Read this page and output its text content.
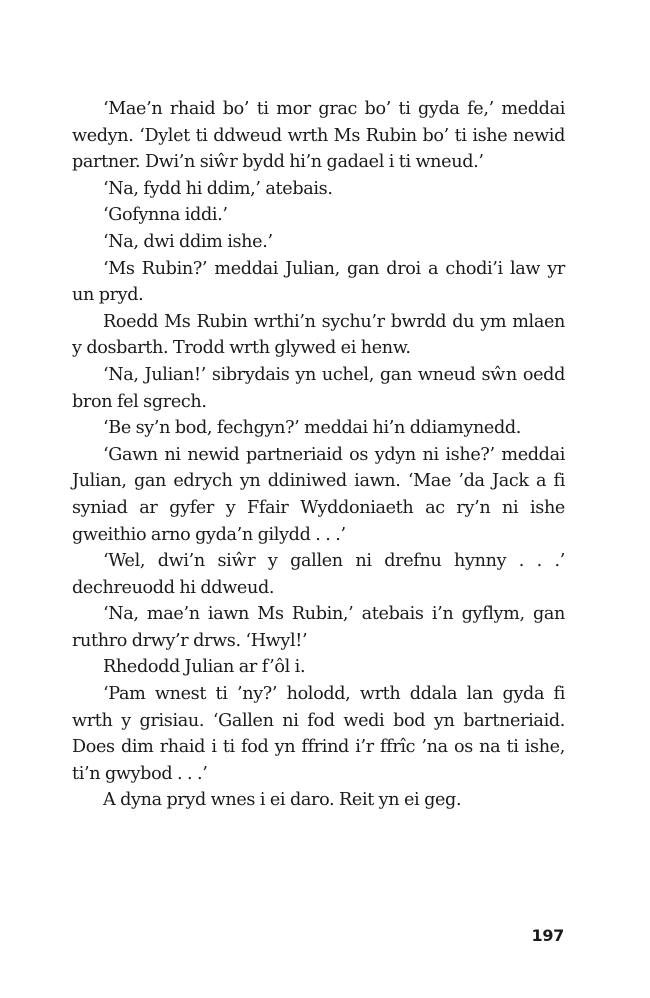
‘Mae’n rhaid bo’ ti mor grac bo’ ti gyda fe,’ meddai wedyn. ‘Dylet ti ddweud wrth Ms Rubin bo’ ti ishe newid partner. Dwi’n siŵr bydd hi’n gadael i ti wneud.’

‘Na, fydd hi ddim,’ atebais.

‘Gofynna iddi.’

‘Na, dwi ddim ishe.’

‘Ms Rubin?’ meddai Julian, gan droi a chodi’i law yr un pryd.

Roedd Ms Rubin wrthi’n sychu’r bwrdd du ym mlaen y dosbarth. Trodd wrth glywed ei henw.

‘Na, Julian!’ sibrydais yn uchel, gan wneud sŵn oedd bron fel sgrech.

‘Be sy’n bod, fechgyn?’ meddai hi’n ddiamynedd.

‘Gawn ni newid partneriaid os ydyn ni ishe?’ meddai Julian, gan edrych yn ddiniwed iawn. ‘Mae ’da Jack a fi syniad ar gyfer y Ffair Wyddoniaeth ac ry’n ni ishe gweithio arno gyda’n gilydd . . .’

‘Wel, dwi’n siŵr y gallen ni drefnu hynny . . .’ dechreuodd hi ddweud.

‘Na, mae’n iawn Ms Rubin,’ atebais i’n gyflym, gan ruthro drwy’r drws. ‘Hwyl!’

Rhedodd Julian ar f’ôl i.

‘Pam wnest ti ’ny?’ holodd, wrth ddala lan gyda fi wrth y grisiau. ‘Gallen ni fod wedi bod yn bartneriaid. Does dim rhaid i ti fod yn ffrind i’r ffrîc ’na os na ti ishe, ti’n gwybod . . .’

A dyna pryd wnes i ei daro. Reit yn ei geg.

197
